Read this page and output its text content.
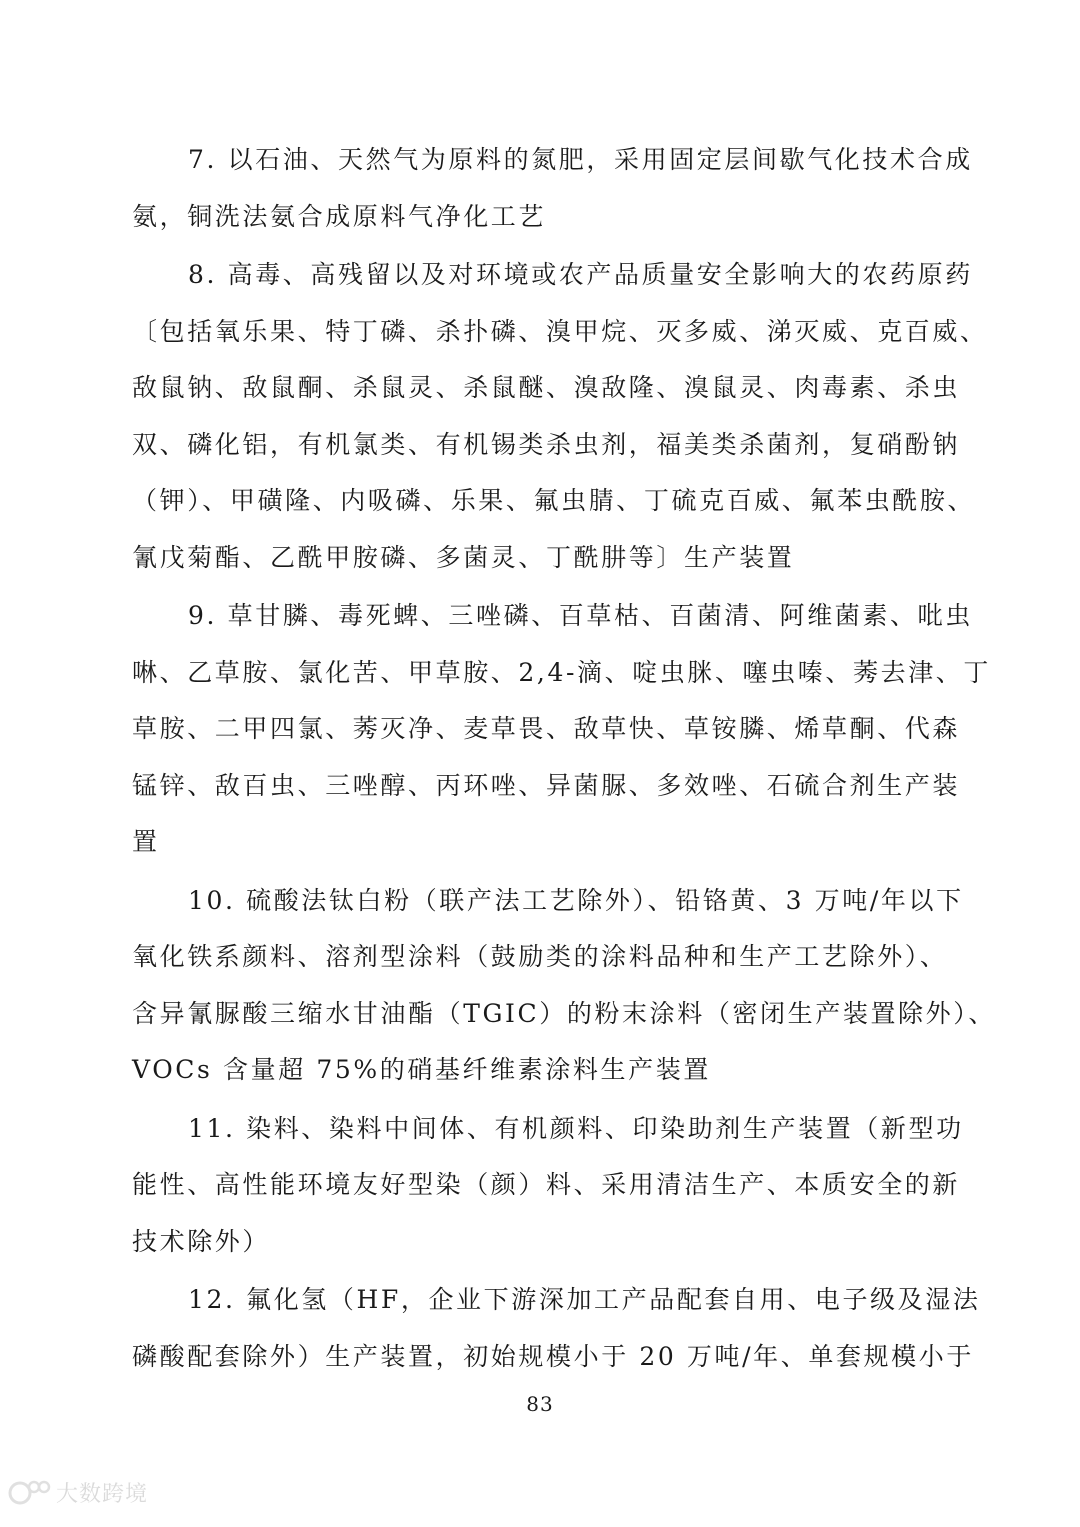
7. 以石油、天然气为原料的氮肥，采用固定层间歇气化技术合成
氨，铜洗法氨合成原料气净化工艺
8. 高毒、高残留以及对环境或农产品质量安全影响大的农药原药
〔包括氧乐果、特丁磷、杀扑磷、溴甲烷、灭多威、涕灭威、克百威、
敌鼠钠、敌鼠酮、杀鼠灵、杀鼠醚、溴敌隆、溴鼠灵、肉毒素、杀虫
双、磷化铝，有机氯类、有机锡类杀虫剂，福美类杀菌剂，复硝酚钠
（钾）、甲磺隆、内吸磷、乐果、氟虫腈、丁硫克百威、氟苯虫酰胺、
氰戊菊酯、乙酰甲胺磷、多菌灵、丁酰肼等〕生产装置
9. 草甘膦、毒死蜱、三唑磷、百草枯、百菌清、阿维菌素、吡虫
啉、乙草胺、氯化苦、甲草胺、2,4-滴、啶虫脒、噻虫嗪、莠去津、丁
草胺、二甲四氯、莠灭净、麦草畏、敌草快、草铵膦、烯草酮、代森
锰锌、敌百虫、三唑醇、丙环唑、异菌脲、多效唑、石硫合剂生产装
置
10. 硫酸法钛白粉（联产法工艺除外）、铅铬黄、3 万吨/年以下
氧化铁系颜料、溶剂型涂料（鼓励类的涂料品种和生产工艺除外）、
含异氰脲酸三缩水甘油酯（TGIC）的粉末涂料（密闭生产装置除外）、
VOCs 含量超 75%的硝基纤维素涂料生产装置
11. 染料、染料中间体、有机颜料、印染助剂生产装置（新型功
能性、高性能环境友好型染（颜）料、采用清洁生产、本质安全的新
技术除外）
12. 氟化氢（HF，企业下游深加工产品配套自用、电子级及湿法
磷酸配套除外）生产装置，初始规模小于 20 万吨/年、单套规模小于
83
大数跨境
